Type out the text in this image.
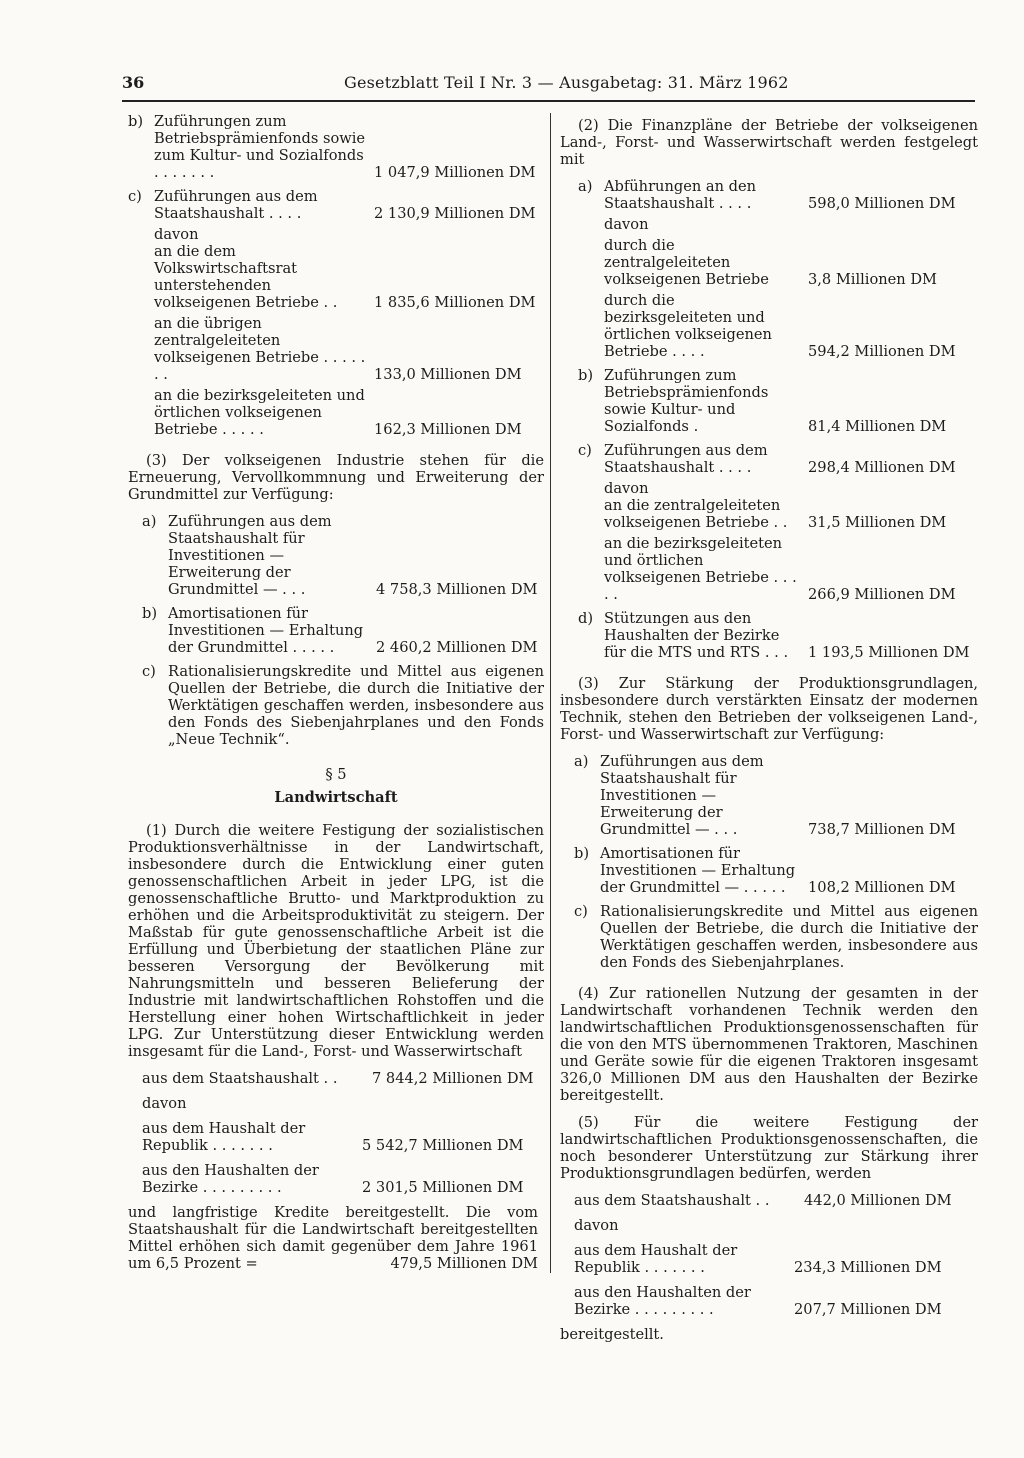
36	Gesetzblatt Teil I Nr. 3 — Ausgabetag: 31. März 1962
b) Zuführungen zum Betriebsprämienfonds sowie zum Kultur- und Sozialfonds . . . . . . .	1 047,9 Millionen DM
c) Zuführungen aus dem Staatshaushalt . . . .	2 130,9 Millionen DM
davon
an die dem Volkswirtschaftsrat unterstehenden volkseigenen Betriebe . .	1 835,6 Millionen DM
an die übrigen zentralgeleiteten volkseigenen Betriebe . . . . . . .	133,0 Millionen DM
an die bezirksgeleiteten und örtlichen volkseigenen Betriebe . . . . .	162,3 Millionen DM

(3) Der volkseigenen Industrie stehen für die Erneuerung, Vervollkommnung und Erweiterung der Grundmittel zur Verfügung:

a) Zuführungen aus dem Staatshaushalt für Investitionen — Erweiterung der Grundmittel — . . .	4 758,3 Millionen DM
b) Amortisationen für Investitionen — Erhaltung der Grundmittel . . . . .	2 460,2 Millionen DM
c) Rationalisierungskredite und Mittel aus eigenen Quellen der Betriebe, die durch die Initiative der Werktätigen geschaffen werden, insbesondere aus den Fonds des Siebenjahrplanes und den Fonds „Neue Technik“.
§ 5
Landwirtschaft

(1) Durch die weitere Festigung der sozialistischen Produktionsverhältnisse in der Landwirtschaft, insbesondere durch die Entwicklung einer guten genossenschaftlichen Arbeit in jeder LPG, ist die genossenschaftliche Brutto- und Marktproduktion zu erhöhen und die Arbeitsproduktivität zu steigern. Der Maßstab für gute genossenschaftliche Arbeit ist die Erfüllung und Überbietung der staatlichen Pläne zur besseren Versorgung der Bevölkerung mit Nahrungsmitteln und besseren Belieferung der Industrie mit landwirtschaftlichen Rohstoffen und die Herstellung einer hohen Wirtschaftlichkeit in jeder LPG. Zur Unterstützung dieser Entwicklung werden insgesamt für die Land-, Forst- und Wasserwirtschaft

aus dem Staatshaushalt . .	7 844,2 Millionen DM
davon
aus dem Haushalt der Republik . . . . . . .	5 542,7 Millionen DM
aus den Haushalten der Bezirke . . . . . . . . .	2 301,5 Millionen DM
und langfristige Kredite bereitgestellt. Die vom Staatshaushalt für die Landwirtschaft bereitgestellten Mittel erhöhen sich damit gegenüber dem Jahre 1961 um 6,5 Prozent =	479,5 Millionen DM

(2) Die Finanzpläne der Betriebe der volkseigenen Land-, Forst- und Wasserwirtschaft werden festgelegt mit

a) Abführungen an den Staatshaushalt . . . .	598,0 Millionen DM
davon
durch die zentralgeleiteten volkseigenen Betriebe	3,8 Millionen DM
durch die bezirksgeleiteten und örtlichen volkseigenen Betriebe . . . .	594,2 Millionen DM
b) Zuführungen zum Betriebsprämienfonds sowie Kultur- und Sozialfonds .	81,4 Millionen DM
c) Zuführungen aus dem Staatshaushalt . . . .	298,4 Millionen DM
davon
an die zentralgeleiteten volkseigenen Betriebe . .	31,5 Millionen DM
an die bezirksgeleiteten und örtlichen volkseigenen Betriebe . . . . .	266,9 Millionen DM
d) Stützungen aus den Haushalten der Bezirke für die MTS und RTS . . .	1 193,5 Millionen DM

(3) Zur Stärkung der Produktionsgrundlagen, insbesondere durch verstärkten Einsatz der modernen Technik, stehen den Betrieben der volkseigenen Land-, Forst- und Wasserwirtschaft zur Verfügung:

a) Zuführungen aus dem Staatshaushalt für Investitionen — Erweiterung der Grundmittel — . . .	738,7 Millionen DM
b) Amortisationen für Investitionen — Erhaltung der Grundmittel — . . . . .	108,2 Millionen DM
c) Rationalisierungskredite und Mittel aus eigenen Quellen der Betriebe, die durch die Initiative der Werktätigen geschaffen werden, insbesondere aus den Fonds des Siebenjahrplanes.

(4) Zur rationellen Nutzung der gesamten in der Landwirtschaft vorhandenen Technik werden den landwirtschaftlichen Produktionsgenossenschaften für die von den MTS übernommenen Traktoren, Maschinen und Geräte sowie für die eigenen Traktoren insgesamt 326,0 Millionen DM aus den Haushalten der Bezirke bereitgestellt.

(5) Für die weitere Festigung der landwirtschaftlichen Produktionsgenossenschaften, die noch besonderer Unterstützung zur Stärkung ihrer Produktionsgrundlagen bedürfen, werden

aus dem Staatshaushalt . .	442,0 Millionen DM
davon
aus dem Haushalt der Republik . . . . . . .	234,3 Millionen DM
aus den Haushalten der Bezirke . . . . . . . . .	207,7 Millionen DM
bereitgestellt.
